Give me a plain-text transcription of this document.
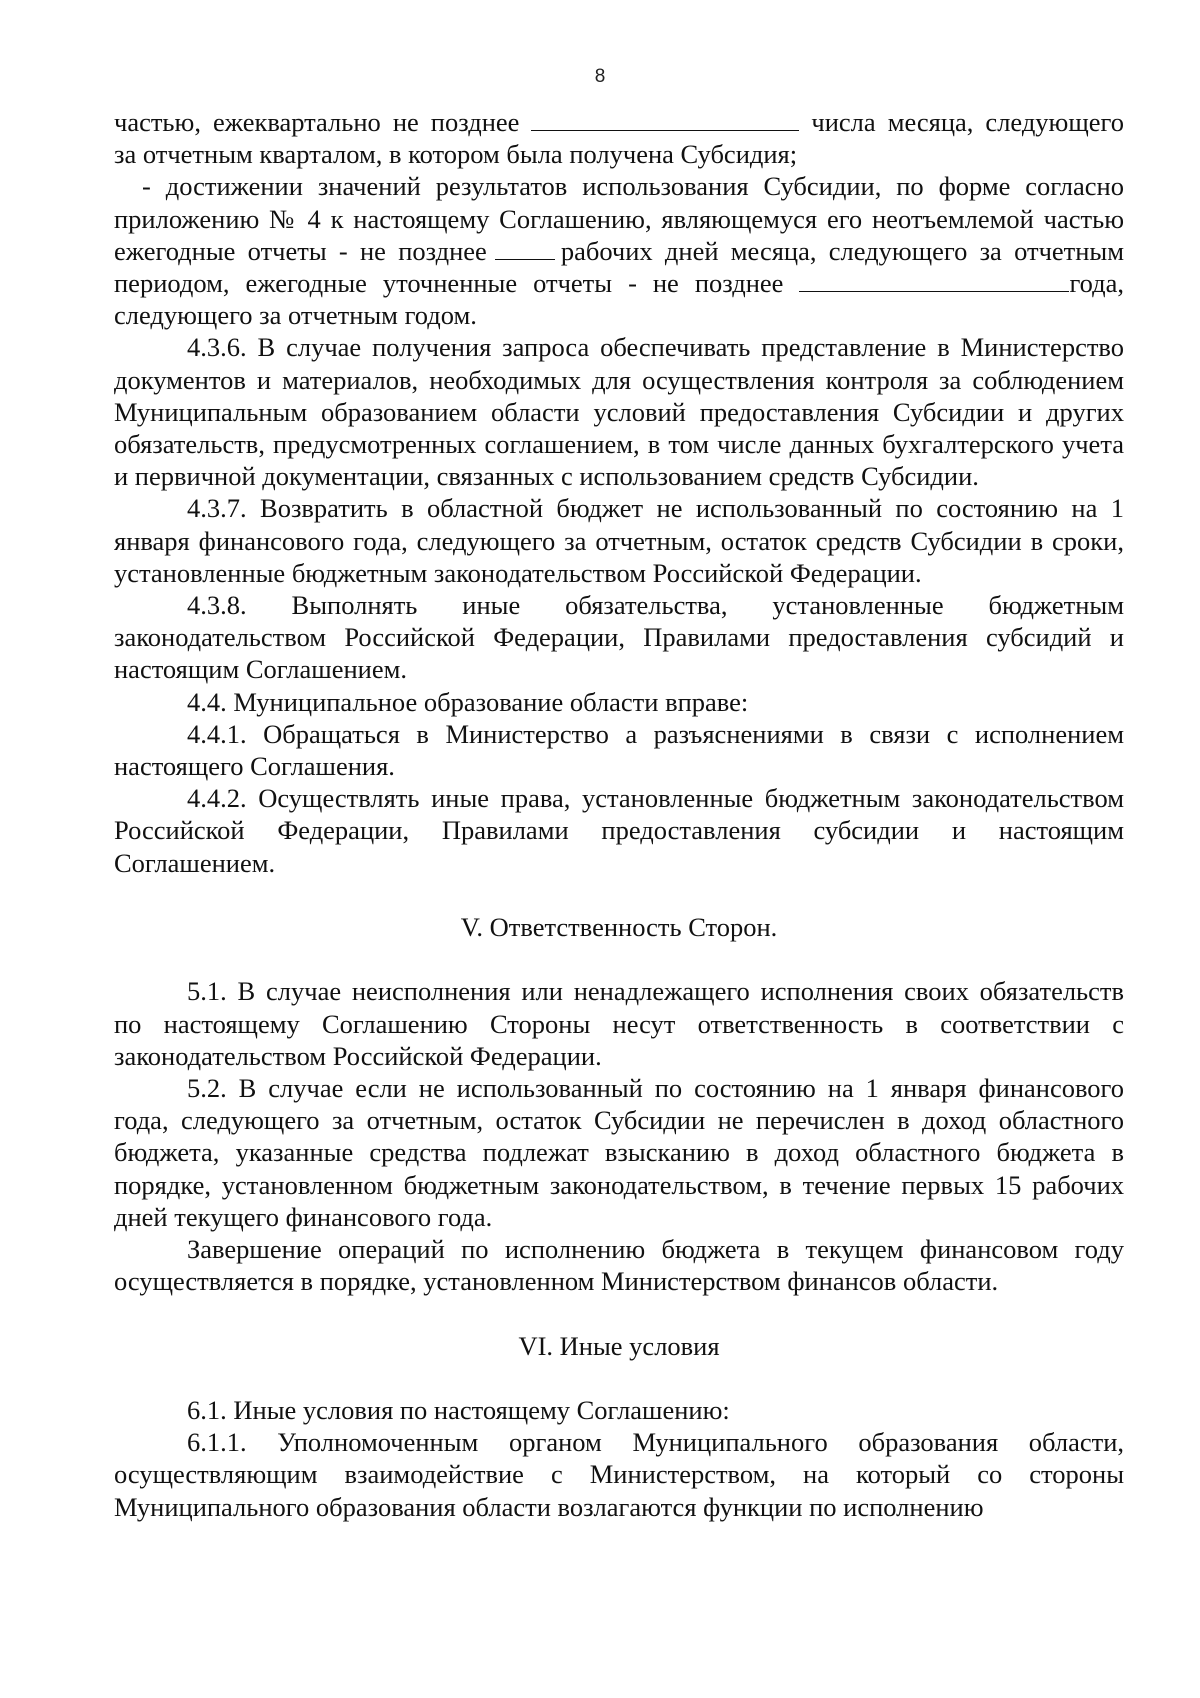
8

частью, ежеквартально не позднее	числа месяца, следующего за отчетным кварталом, в котором была получена Субсидия;

- достижении значений результатов использования Субсидии, по форме согласно приложению № 4 к настоящему Соглашению, являющемуся его неотъемлемой частью ежегодные отчеты - не позднее	рабочих дней месяца, следующего за отчетным периодом, ежегодные уточненные отчеты - не позднее	года, следующего за отчетным годом.

4.3.6. В случае получения запроса обеспечивать представление в Министерство документов и материалов, необходимых для осуществления контроля за соблюдением Муниципальным образованием области условий предоставления Субсидии и других обязательств, предусмотренных соглашением, в том числе данных бухгалтерского учета и первичной документации, связанных с использованием средств Субсидии.

4.3.7. Возвратить в областной бюджет не использованный по состоянию на 1 января финансового года, следующего за отчетным, остаток средств Субсидии в сроки, установленные бюджетным законодательством Российской Федерации.

4.3.8. Выполнять иные обязательства, установленные бюджетным законодательством Российской Федерации, Правилами предоставления субсидий и настоящим Соглашением.

4.4. Муниципальное образование области вправе:

4.4.1. Обращаться в Министерство а разъяснениями в связи с исполнением настоящего Соглашения.

4.4.2. Осуществлять иные права, установленные бюджетным законодательством Российской Федерации, Правилами предоставления субсидии и настоящим Соглашением.

V. Ответственность Сторон.

5.1. В случае неисполнения или ненадлежащего исполнения своих обязательств по настоящему Соглашению Стороны несут ответственность в соответствии с законодательством Российской Федерации.

5.2. В случае если не использованный по состоянию на 1 января финансового года, следующего за отчетным, остаток Субсидии не перечислен в доход областного бюджета, указанные средства подлежат взысканию в доход областного бюджета в порядке, установленном бюджетным законодательством, в течение первых 15 рабочих дней текущего финансового года.

Завершение операций по исполнению бюджета в текущем финансовом году осуществляется в порядке, установленном Министерством финансов области.

VI. Иные условия

6.1. Иные условия по настоящему Соглашению:

6.1.1. Уполномоченным органом Муниципального образования области, осуществляющим взаимодействие с Министерством, на который со стороны Муниципального образования области возлагаются функции по исполнению
